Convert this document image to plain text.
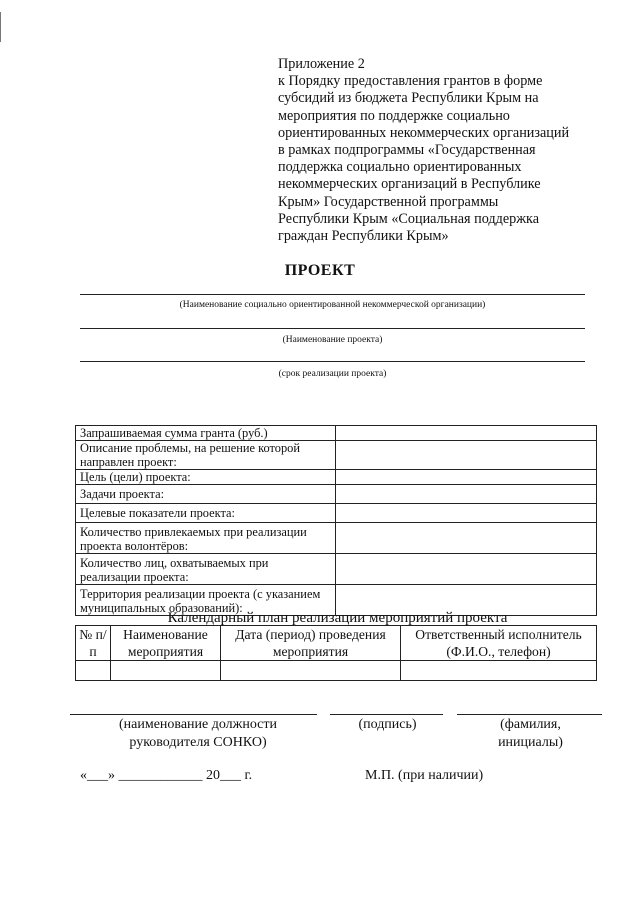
Приложение 2
к Порядку предоставления грантов в форме
субсидий из бюджета Республики Крым на
мероприятия по поддержке социально
ориентированных некоммерческих организаций
в рамках подпрограммы «Государственная
поддержка социально ориентированных
некоммерческих организаций в Республике
Крым» Государственной программы
Республики Крым «Социальная поддержка
граждан Республики Крым»
ПРОЕКТ
(Наименование социально ориентированной некоммерческой организации)
(Наименование проекта)
(срок реализации проекта)
Запрашиваемая сумма гранта (руб.)	
Описание проблемы, на решение которой направлен проект:	
Цель (цели) проекта:	
Задачи проекта:	
Целевые показатели проекта:	
Количество привлекаемых при реализации проекта волонтёров:	
Количество лиц, охватываемых при реализации проекта:	
Территория реализации проекта (с указанием муниципальных образований):	
Календарный план реализации мероприятий проекта
№ п/п	Наименование мероприятия	Дата (период) проведения мероприятия	Ответственный исполнитель (Ф.И.О., телефон)

(наименование должности руководителя СОНКО)
(подпись)	(фамилия, инициалы)
«___» ____________ 20___ г.	М.П. (при наличии)
